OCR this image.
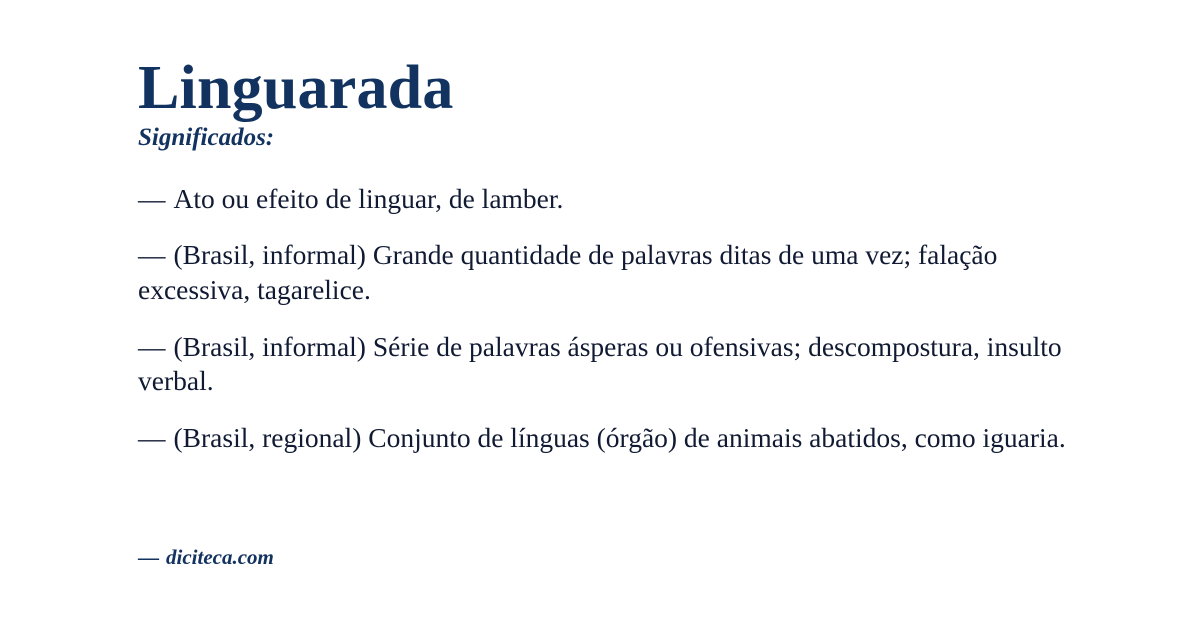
Linguarada
Significados:
— Ato ou efeito de linguar, de lamber.
— (Brasil, informal) Grande quantidade de palavras ditas de uma vez; falação excessiva, tagarelice.
— (Brasil, informal) Série de palavras ásperas ou ofensivas; descompostura, insulto verbal.
— (Brasil, regional) Conjunto de línguas (órgão) de animais abatidos, como iguaria.
— diciteca.com
